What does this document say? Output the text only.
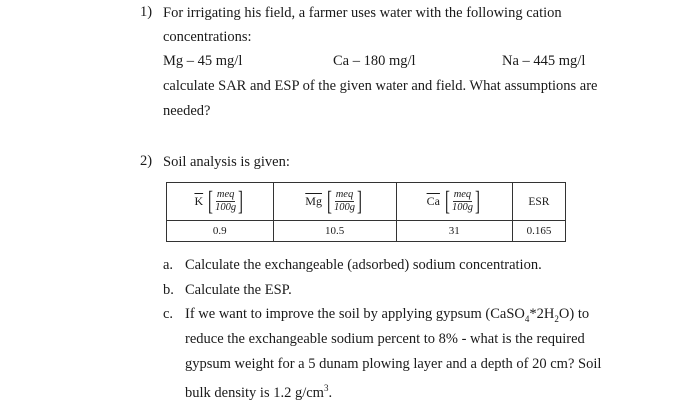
1) For irrigating his field, a farmer uses water with the following cation
concentrations:
Mg – 45 mg/l	Ca – 180 mg/l	Na – 445 mg/l
calculate SAR and ESP of the given water and field. What assumptions are
needed?
2) Soil analysis is given:
$\overline{K}$ [ $\frac{\text{meq}}{100g}$ ]	$\overline{Mg}$ [ $\frac{\text{meq}}{100g}$ ]	$\overline{Ca}$ [ $\frac{\text{meq}}{100g}$ ]	ESR
0.9	10.5	31	0.165
a. Calculate the exchangeable (adsorbed) sodium concentration.
b. Calculate the ESP.
c. If we want to improve the soil by applying gypsum $(CaSO_4*2H_2O)$ to
reduce the exchangeable sodium percent to 8% - what is the required
gypsum weight for a 5 dunam plowing layer and a depth of 20 cm? Soil
bulk density is 1.2 $g/cm^3$.
